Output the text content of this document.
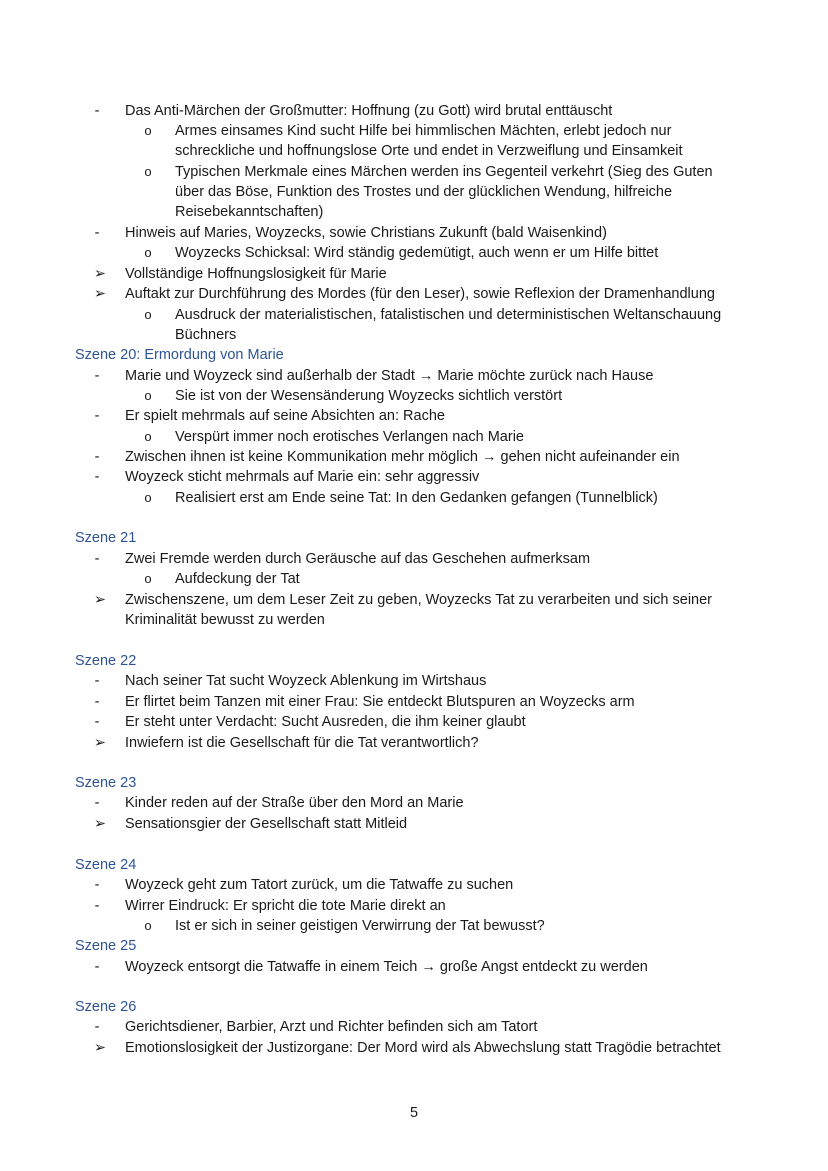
-	Das Anti-Märchen der Großmutter: Hoffnung (zu Gott) wird brutal enttäuscht
o Armes einsames Kind sucht Hilfe bei himmlischen Mächten, erlebt jedoch nur
schreckliche und hoffnungslose Orte und endet in Verzweiflung und Einsamkeit
o Typischen Merkmale eines Märchen werden ins Gegenteil verkehrt (Sieg des Guten
über das Böse, Funktion des Trostes und der glücklichen Wendung, hilfreiche
Reisebekanntschaften)
-	Hinweis auf Maries, Woyzecks, sowie Christians Zukunft (bald Waisenkind)
o Woyzecks Schicksal: Wird ständig gedemütigt, auch wenn er um Hilfe bittet
➢ Vollständige Hoffnungslosigkeit für Marie
➢ Auftakt zur Durchführung des Mordes (für den Leser), sowie Reflexion der Dramenhandlung
o Ausdruck der materialistischen, fatalistischen und deterministischen Weltanschauung
Büchners
Szene 20: Ermordung von Marie
-	Marie und Woyzeck sind außerhalb der Stadt → Marie möchte zurück nach Hause
o Sie ist von der Wesensänderung Woyzecks sichtlich verstört
-	Er spielt mehrmals auf seine Absichten an: Rache
o Verspürt immer noch erotisches Verlangen nach Marie
-	Zwischen ihnen ist keine Kommunikation mehr möglich → gehen nicht aufeinander ein
-	Woyzeck sticht mehrmals auf Marie ein: sehr aggressiv
o Realisiert erst am Ende seine Tat: In den Gedanken gefangen (Tunnelblick)
Szene 21
-	Zwei Fremde werden durch Geräusche auf das Geschehen aufmerksam
o Aufdeckung der Tat
➢ Zwischenszene, um dem Leser Zeit zu geben, Woyzecks Tat zu verarbeiten und sich seiner
Kriminalität bewusst zu werden
Szene 22
-	Nach seiner Tat sucht Woyzeck Ablenkung im Wirtshaus
-	Er flirtet beim Tanzen mit einer Frau: Sie entdeckt Blutspuren an Woyzecks arm
-	Er steht unter Verdacht: Sucht Ausreden, die ihm keiner glaubt
➢ Inwiefern ist die Gesellschaft für die Tat verantwortlich?
Szene 23
-	Kinder reden auf der Straße über den Mord an Marie
➢ Sensationsgier der Gesellschaft statt Mitleid
Szene 24
-	Woyzeck geht zum Tatort zurück, um die Tatwaffe zu suchen
-	Wirrer Eindruck: Er spricht die tote Marie direkt an
o Ist er sich in seiner geistigen Verwirrung der Tat bewusst?
Szene 25
-	Woyzeck entsorgt die Tatwaffe in einem Teich → große Angst entdeckt zu werden
Szene 26
-	Gerichtsdiener, Barbier, Arzt und Richter befinden sich am Tatort
➢ Emotionslosigkeit der Justizorgane: Der Mord wird als Abwechslung statt Tragödie betrachtet
5
